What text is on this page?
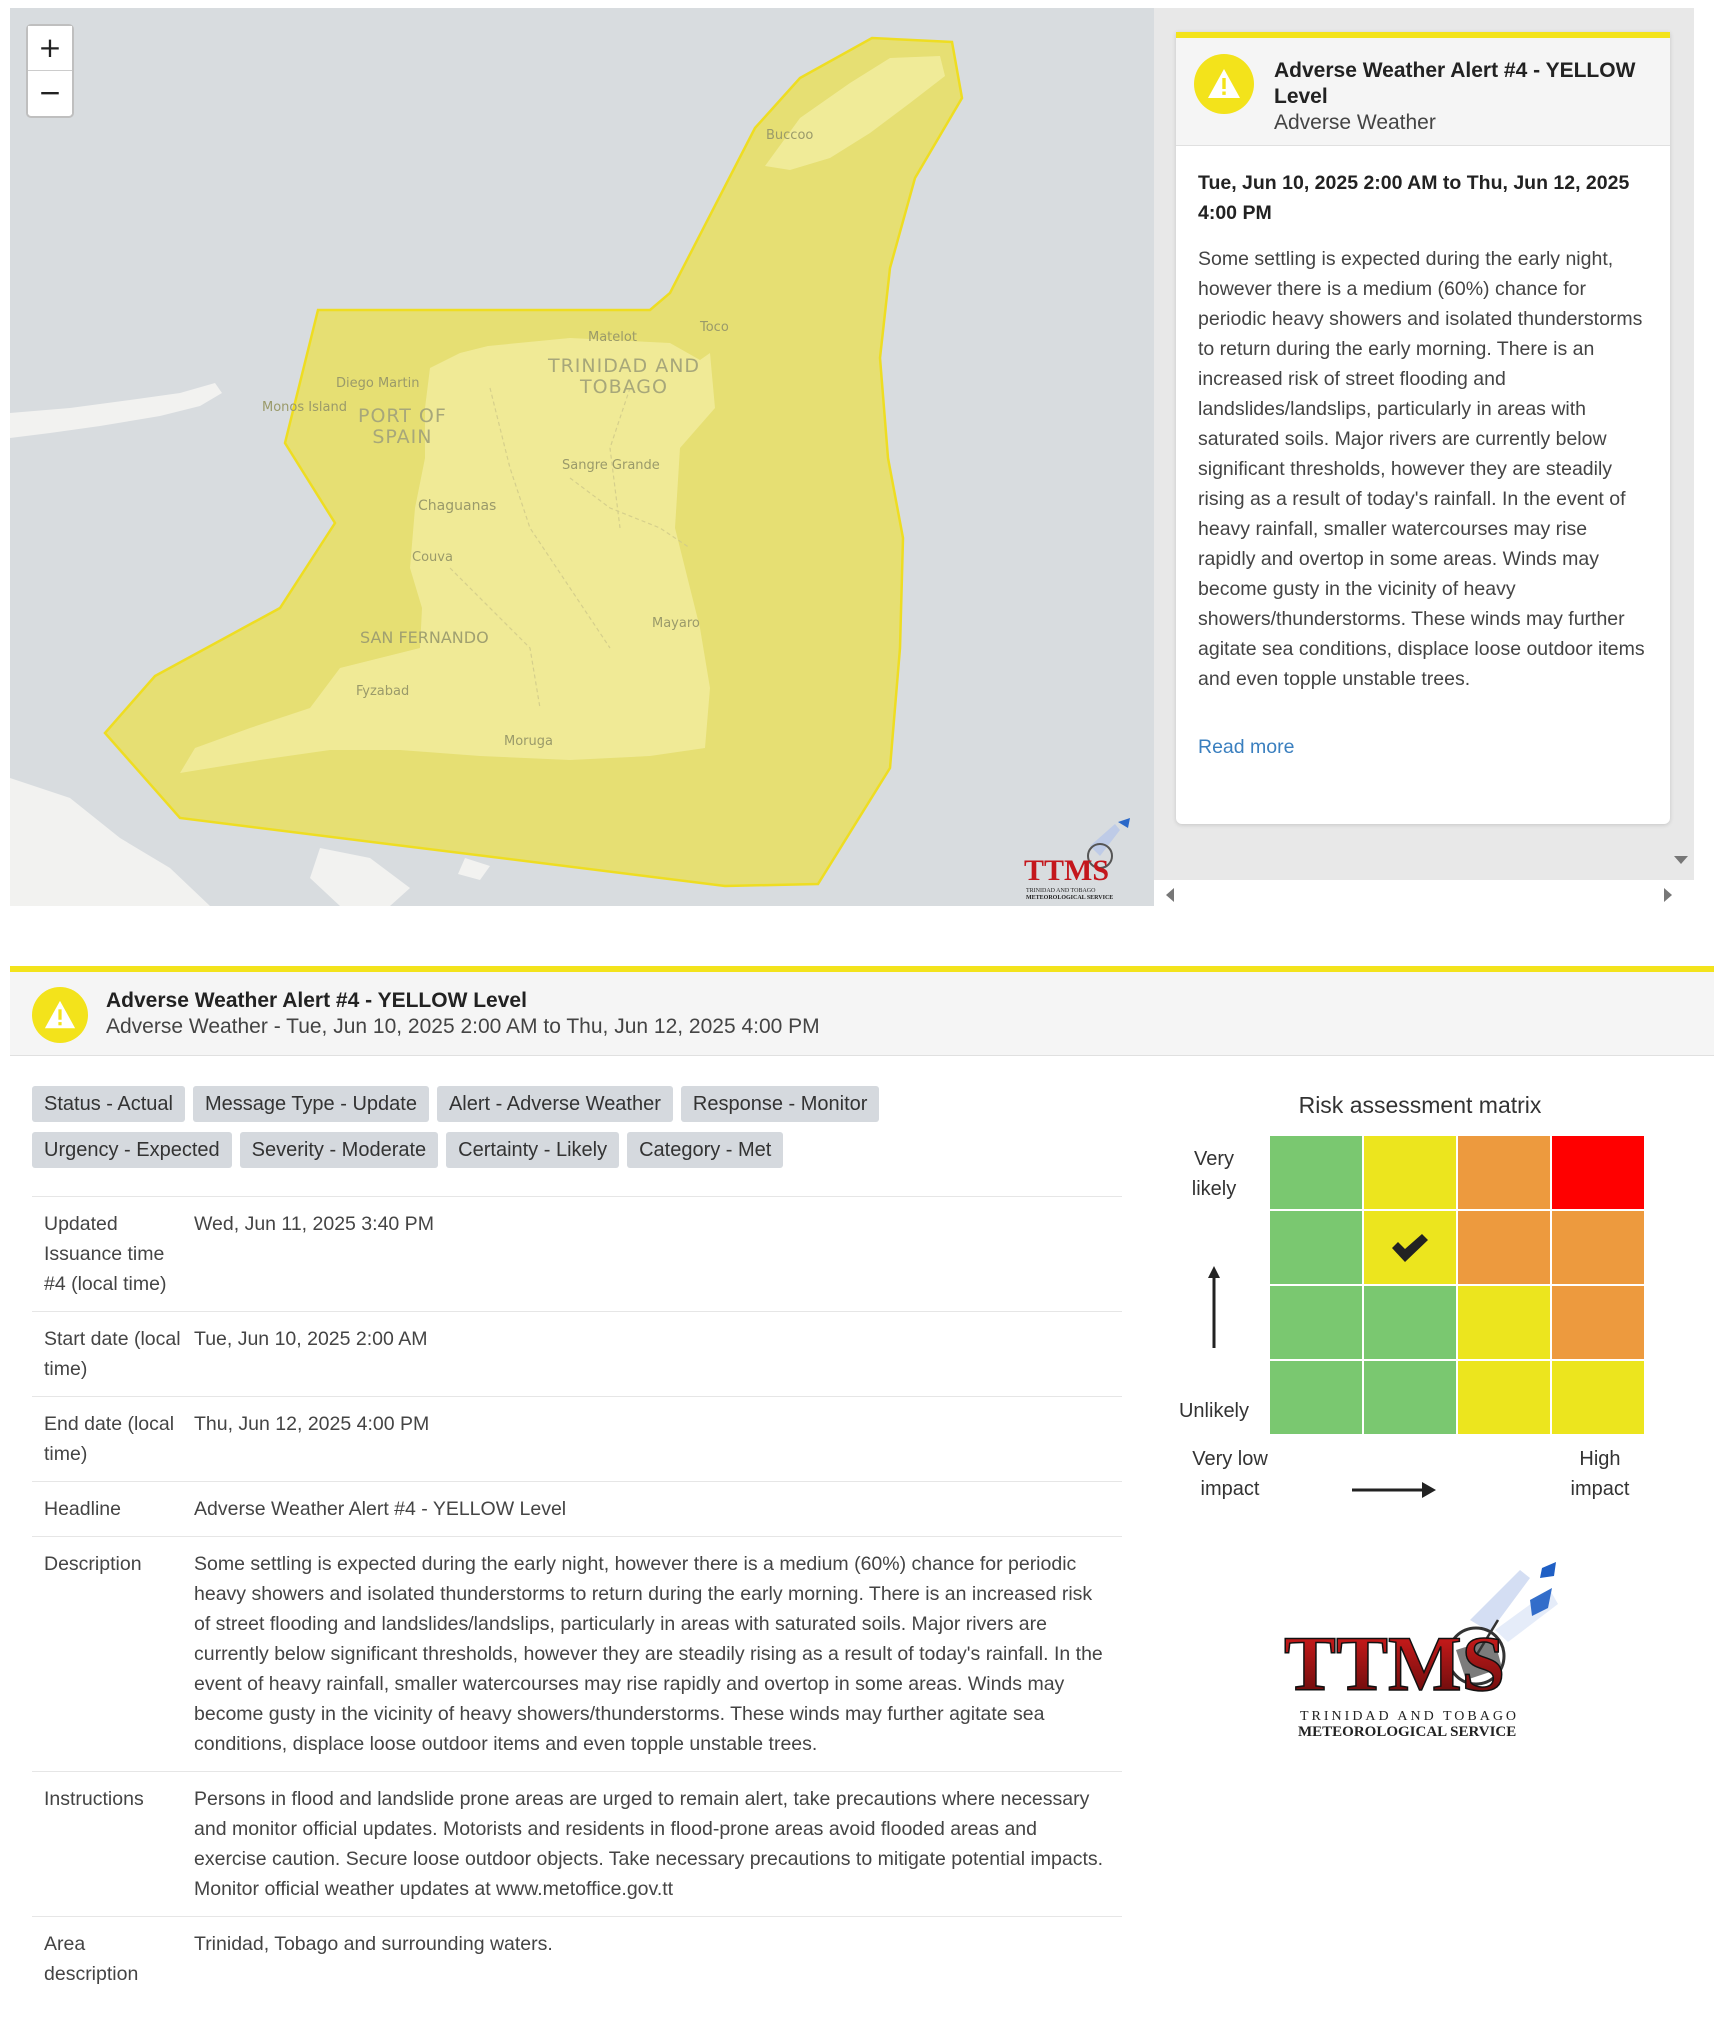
+
−
Buccoo
Matelot
Toco
TRINIDAD AND
TOBAGO
Diego Martin
Monos Island PORT OF
SPAIN
Sangre Grande
Chaguanas
Couva
SAN FERNANDO
Mayaro
Fyzabad
Moruga
TTMS
TRINIDAD AND TOBAGO
METEOROLOGICAL SERVICE
Adverse Weather Alert #4 - YELLOW Level
Adverse Weather
Tue, Jun 10, 2025 2:00 AM to Thu, Jun 12, 2025 4:00 PM
Some settling is expected during the early night, however there is a medium (60%) chance for periodic heavy showers and isolated thunderstorms to return during the early morning. There is an increased risk of street flooding and landslides/landslips, particularly in areas with saturated soils. Major rivers are currently below significant thresholds, however they are steadily rising as a result of today's rainfall. In the event of heavy rainfall, smaller watercourses may rise rapidly and overtop in some areas. Winds may become gusty in the vicinity of heavy showers/thunderstorms. These winds may further agitate sea conditions, displace loose outdoor items and even topple unstable trees.
Read more
Adverse Weather Alert #4 - YELLOW Level
Adverse Weather - Tue, Jun 10, 2025 2:00 AM to Thu, Jun 12, 2025 4:00 PM
Status - Actual	Message Type - Update	Alert - Adverse Weather	Response - Monitor
Urgency - Expected	Severity - Moderate	Certainty - Likely	Category - Met
Updated Issuance time #4 (local time)	Wed, Jun 11, 2025 3:40 PM
Start date (local time)	Tue, Jun 10, 2025 2:00 AM
End date (local time)	Thu, Jun 12, 2025 4:00 PM
Headline	Adverse Weather Alert #4 - YELLOW Level
Description	Some settling is expected during the early night, however there is a medium (60%) chance for periodic heavy showers and isolated thunderstorms to return during the early morning. There is an increased risk of street flooding and landslides/landslips, particularly in areas with saturated soils. Major rivers are currently below significant thresholds, however they are steadily rising as a result of today's rainfall. In the event of heavy rainfall, smaller watercourses may rise rapidly and overtop in some areas. Winds may become gusty in the vicinity of heavy showers/thunderstorms. These winds may further agitate sea conditions, displace loose outdoor items and even topple unstable trees.
Instructions	Persons in flood and landslide prone areas are urged to remain alert, take precautions where necessary and monitor official updates. Motorists and residents in flood-prone areas avoid flooded areas and exercise caution. Secure loose outdoor objects. Take necessary precautions to mitigate potential impacts. Monitor official weather updates at www.metoffice.gov.tt
Area description	Trinidad, Tobago and surrounding waters.
Risk assessment matrix
Very likely
Unlikely
Very low impact
High impact
TTMS
TRINIDAD AND TOBAGO
METEOROLOGICAL SERVICE
